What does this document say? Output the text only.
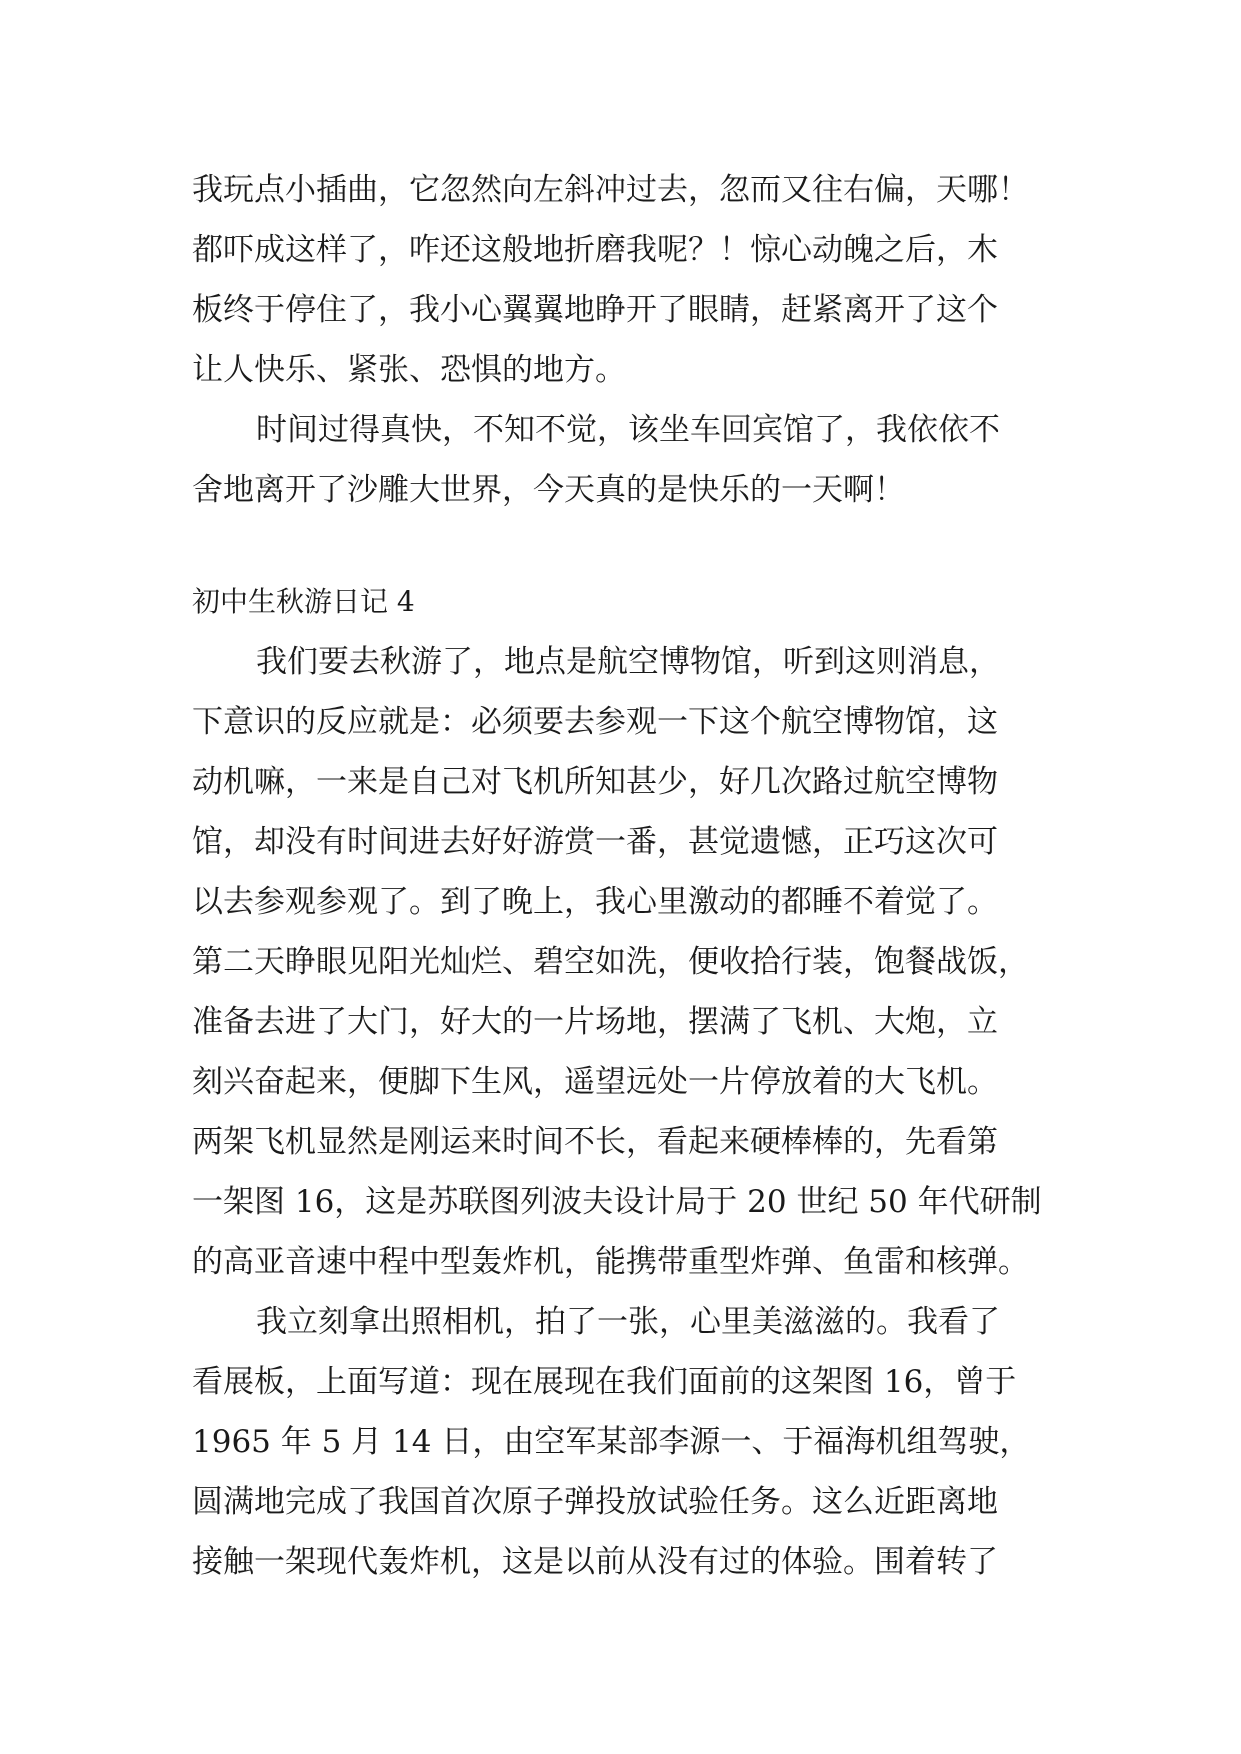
我玩点小插曲，它忽然向左斜冲过去，忽而又往右偏，天哪！
都吓成这样了，咋还这般地折磨我呢？！惊心动魄之后，木
板终于停住了，我小心翼翼地睁开了眼睛，赶紧离开了这个
让人快乐、紧张、恐惧的地方。
时间过得真快，不知不觉，该坐车回宾馆了，我依依不
舍地离开了沙雕大世界，今天真的是快乐的一天啊！
初中生秋游日记 4
我们要去秋游了，地点是航空博物馆，听到这则消息，
下意识的反应就是：必须要去参观一下这个航空博物馆，这
动机嘛，一来是自己对飞机所知甚少，好几次路过航空博物
馆，却没有时间进去好好游赏一番，甚觉遗憾，正巧这次可
以去参观参观了。到了晚上，我心里激动的都睡不着觉了。
第二天睁眼见阳光灿烂、碧空如洗，便收拾行装，饱餐战饭，
准备去进了大门，好大的一片场地，摆满了飞机、大炮，立
刻兴奋起来，便脚下生风，遥望远处一片停放着的大飞机。
两架飞机显然是刚运来时间不长，看起来硬棒棒的，先看第
一架图 16，这是苏联图列波夫设计局于 20 世纪 50 年代研制
的高亚音速中程中型轰炸机，能携带重型炸弹、鱼雷和核弹。
我立刻拿出照相机，拍了一张，心里美滋滋的。我看了
看展板，上面写道：现在展现在我们面前的这架图 16，曾于
1965 年 5 月 14 日，由空军某部李源一、于福海机组驾驶，
圆满地完成了我国首次原子弹投放试验任务。这么近距离地
接触一架现代轰炸机，这是以前从没有过的体验。围着转了
